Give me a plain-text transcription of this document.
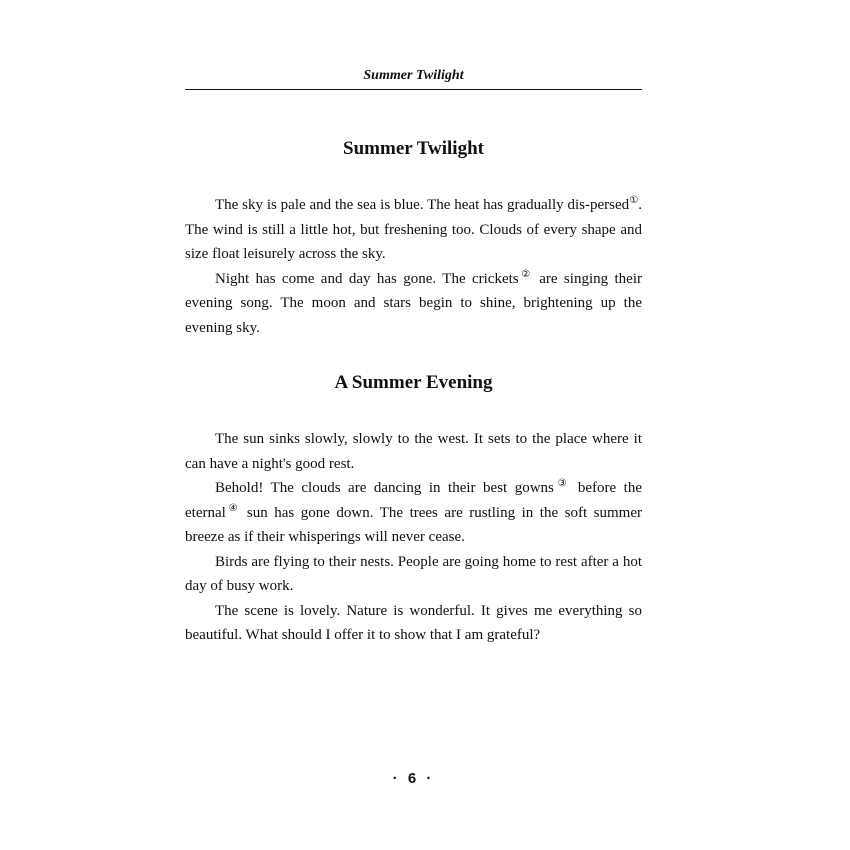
Summer Twilight
Summer Twilight

The sky is pale and the sea is blue. The heat has gradually dis-persed①. The wind is still a little hot, but freshening too. Clouds of every shape and size float leisurely across the sky.

Night has come and day has gone. The crickets② are singing their evening song. The moon and stars begin to shine, brightening up the evening sky.

A Summer Evening

The sun sinks slowly, slowly to the west. It sets to the place where it can have a night's good rest.

Behold! The clouds are dancing in their best gowns③ before the eternal④ sun has gone down. The trees are rustling in the soft summer breeze as if their whisperings will never cease.

Birds are flying to their nests. People are going home to rest after a hot day of busy work.

The scene is lovely. Nature is wonderful. It gives me everything so beautiful. What should I offer it to show that I am grateful?

· 6 ·
